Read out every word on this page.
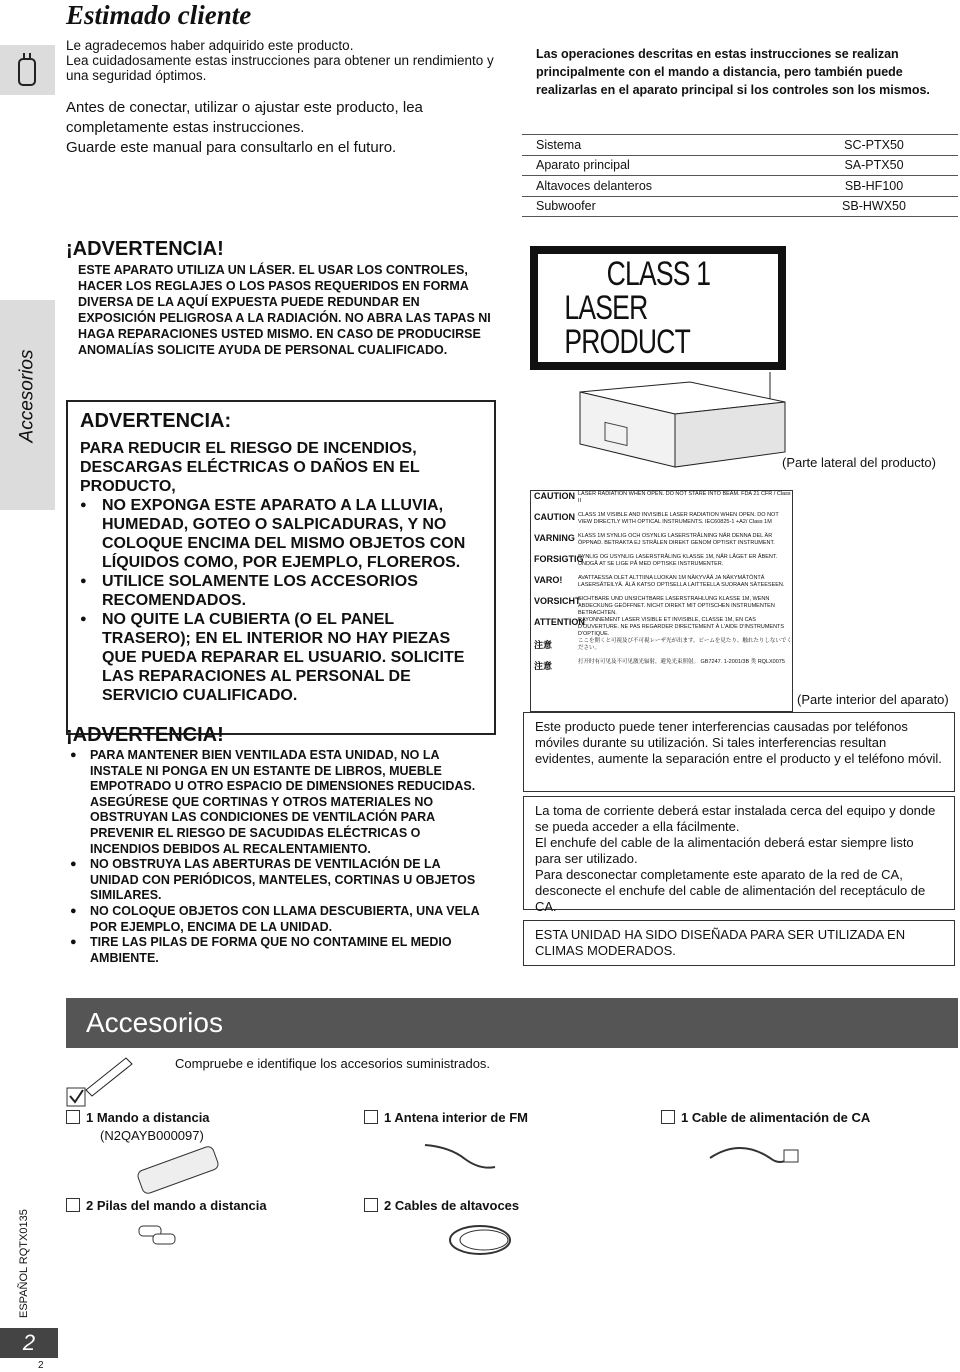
Estimado cliente
Accesorios
Le agradecemos haber adquirido este producto.
Lea cuidadosamente estas instrucciones para obtener un rendimiento y una seguridad óptimos.
Antes de conectar, utilizar o ajustar este producto, lea completamente estas instrucciones.
Guarde este manual para consultarlo en el futuro.
Las operaciones descritas en estas instrucciones se realizan principalmente con el mando a distancia, pero también puede realizarlas en el aparato principal si los controles son los mismos.
Sistema	SC-PTX50
Aparato principal	SA-PTX50
Altavoces delanteros	SB-HF100
Subwoofer	SB-HWX50
¡ADVERTENCIA!
ESTE APARATO UTILIZA UN LÁSER. EL USAR LOS CONTROLES, HACER LOS REGLAJES O LOS PASOS REQUERIDOS EN FORMA DIVERSA DE LA AQUÍ EXPUESTA PUEDE REDUNDAR EN EXPOSICIÓN PELIGROSA A LA RADIACIÓN. NO ABRA LAS TAPAS NI HAGA REPARACIONES USTED MISMO. EN CASO DE PRODUCIRSE ANOMALÍAS SOLICITE AYUDA DE PERSONAL CUALIFICADO.
ADVERTENCIA:
PARA REDUCIR EL RIESGO DE INCENDIOS, DESCARGAS ELÉCTRICAS O DAÑOS EN EL PRODUCTO,
● NO EXPONGA ESTE APARATO A LA LLUVIA, HUMEDAD, GOTEO O SALPICADURAS, Y NO COLOQUE ENCIMA DEL MISMO OBJETOS CON LÍQUIDOS COMO, POR EJEMPLO, FLOREROS.
● UTILICE SOLAMENTE LOS ACCESORIOS RECOMENDADOS.
● NO QUITE LA CUBIERTA (O EL PANEL TRASERO); EN EL INTERIOR NO HAY PIEZAS QUE PUEDA REPARAR EL USUARIO. SOLICITE LAS REPARACIONES AL PERSONAL DE SERVICIO CUALIFICADO.
¡ADVERTENCIA!
● PARA MANTENER BIEN VENTILADA ESTA UNIDAD, NO LA INSTALE NI PONGA EN UN ESTANTE DE LIBROS, MUEBLE EMPOTRADO U OTRO ESPACIO DE DIMENSIONES REDUCIDAS. ASEGÚRESE QUE CORTINAS Y OTROS MATERIALES NO OBSTRUYAN LAS CONDICIONES DE VENTILACIÓN PARA PREVENIR EL RIESGO DE SACUDIDAS ELÉCTRICAS O INCENDIOS DEBIDOS AL RECALENTAMIENTO.
● NO OBSTRUYA LAS ABERTURAS DE VENTILACIÓN DE LA UNIDAD CON PERIÓDICOS, MANTELES, CORTINAS U OBJETOS SIMILARES.
● NO COLOQUE OBJETOS CON LLAMA DESCUBIERTA, UNA VELA POR EJEMPLO, ENCIMA DE LA UNIDAD.
● TIRE LAS PILAS DE FORMA QUE NO CONTAMINE EL MEDIO AMBIENTE.
CLASS 1
LASER PRODUCT
(Parte lateral del producto)
CAUTION LASER RADIATION WHEN OPEN. DO NOT STARE INTO BEAM. FDA 21 CFR / Class II
CAUTION CLASS 1M VISIBLE AND INVISIBLE LASER RADIATION WHEN OPEN. DO NOT VIEW DIRECTLY WITH OPTICAL INSTRUMENTS. IEC60825-1 +A2/ Class 1M
VARNING KLASS 1M SYNLIG OCH OSYNLIG LASERSTRÅLNING NÄR DENNA DEL ÄR ÖPPNAD. BETRAKTA EJ STRÅLEN DIREKT GENOM OPTISKT INSTRUMENT.
FORSIGTIG
SYNLIG OG USYNLIG LASERSTRÅLING KLASSE 1M, NÅR LÅGET ER ÅBENT. UNDGÅ AT SE LIGE PÅ MED OPTISKE INSTRUMENTER.
VARO!	AVATTAESSA OLET ALTTIINA LUOKAN 1M NÄKYVÄÄ JA NÄKYMÄTÖNTÄ LASERSÄTEILYÄ. ÄLÄ KATSO OPTISELLA LAITTEELLA SUORAAN SÄTEESEEN.
VORSICHT
SICHTBARE UND UNSICHTBARE LASERSTRAHLUNG KLASSE 1M, WENN ABDECKUNG GEÖFFNET. NICHT DIREKT MIT OPTISCHEN INSTRUMENTEN BETRACHTEN.
ATTENTION
RAYONNEMENT LASER VISIBLE ET INVISIBLE, CLASSE 1M, EN CAS D'OUVERTURE. NE PAS REGARDER DIRECTEMENT À L'AIDE D'INSTRUMENTS D'OPTIQUE.
注意	ここを開くと可視及び不可視レーザ光が出ます。ビームを見たり、触れたりしないでください。
注意	打开时有可见及不可见激光辐射，避免光束照射。 GB7247. 1-2001/3B 类 RQLX0075
(Parte interior del aparato)
Este producto puede tener interferencias causadas por teléfonos móviles durante su utilización. Si tales interferencias resultan evidentes, aumente la separación entre el producto y el teléfono móvil.
La toma de corriente deberá estar instalada cerca del equipo y donde se pueda acceder a ella fácilmente.
El enchufe del cable de la alimentación deberá estar siempre listo para ser utilizado.
Para desconectar completamente este aparato de la red de CA, desconecte el enchufe del cable de alimentación del receptáculo de CA.
ESTA UNIDAD HA SIDO DISEÑADA PARA SER UTILIZADA EN CLIMAS MODERADOS.
Accesorios
Compruebe e identifique los accesorios suministrados.
1 Mando a distancia
(N2QAYB000097)
1 Antena interior de FM	1 Cable de alimentación de CA
2 Pilas del mando a distancia	2 Cables de altavoces
ESPAÑOL RQTX0135
2
2
